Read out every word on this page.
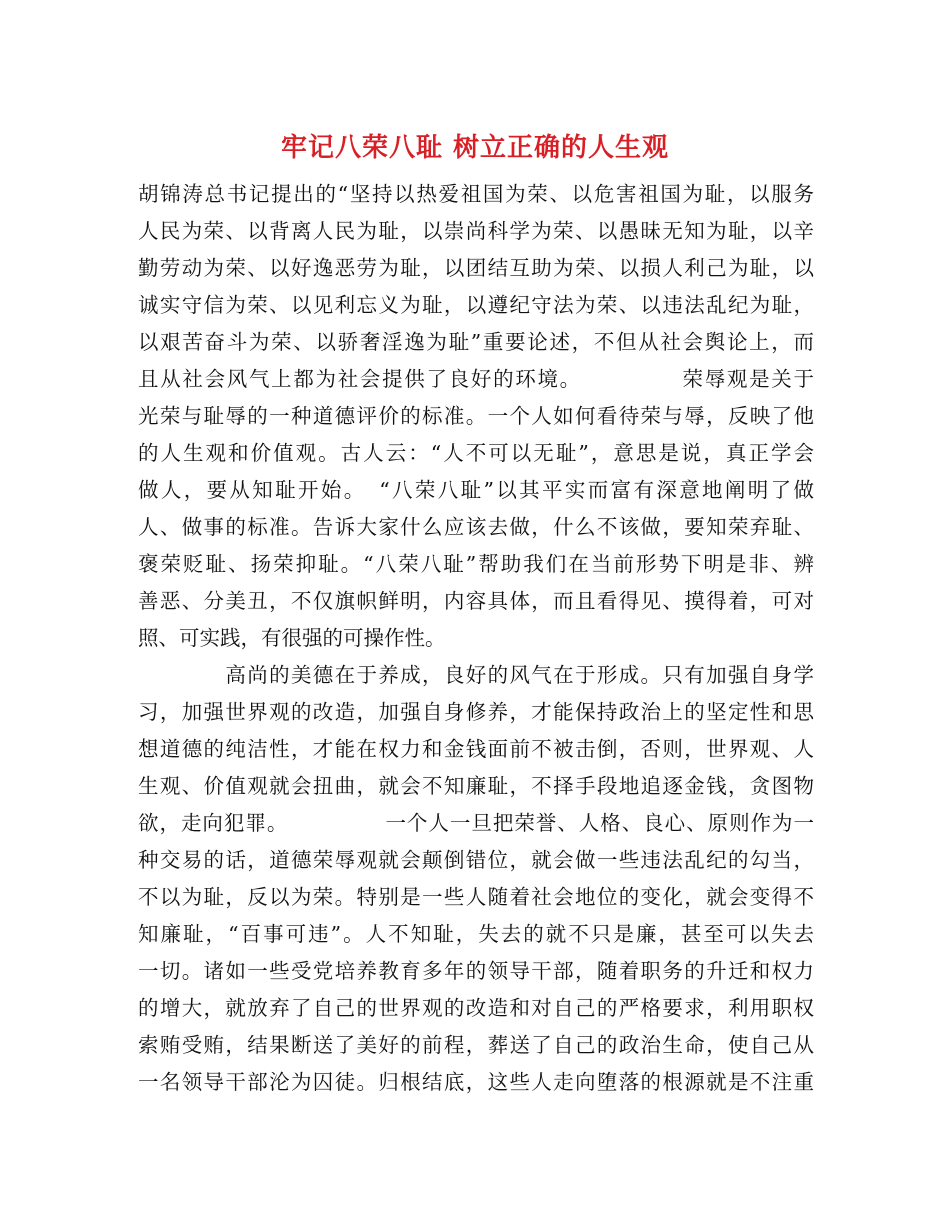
牢记八荣八耻 树立正确的人生观
胡锦涛总书记提出的“坚持以热爱祖国为荣、以危害祖国为耻，以服务
人民为荣、以背离人民为耻，以崇尚科学为荣、以愚昧无知为耻，以辛
勤劳动为荣、以好逸恶劳为耻，以团结互助为荣、以损人利己为耻，以
诚实守信为荣、以见利忘义为耻，以遵纪守法为荣、以违法乱纪为耻，
以艰苦奋斗为荣、以骄奢淫逸为耻”重要论述，不但从社会舆论上，而
且从社会风气上都为社会提供了良好的环境。　　　　　荣辱观是关于
光荣与耻辱的一种道德评价的标准。一个人如何看待荣与辱，反映了他
的人生观和价值观。古人云：“人不可以无耻”，意思是说，真正学会
做人，要从知耻开始。　“八荣八耻”以其平实而富有深意地阐明了做
人、做事的标准。告诉大家什么应该去做，什么不该做，要知荣弃耻、
褒荣贬耻、扬荣抑耻。“八荣八耻”帮助我们在当前形势下明是非、辨
善恶、分美丑，不仅旗帜鲜明，内容具体，而且看得见、摸得着，可对
照、可实践，有很强的可操作性。
　　　　高尚的美德在于养成，良好的风气在于形成。只有加强自身学
习，加强世界观的改造，加强自身修养，才能保持政治上的坚定性和思
想道德的纯洁性，才能在权力和金钱面前不被击倒，否则，世界观、人
生观、价值观就会扭曲，就会不知廉耻，不择手段地追逐金钱，贪图物
欲，走向犯罪。　　　　　一个人一旦把荣誉、人格、良心、原则作为一
种交易的话，道德荣辱观就会颠倒错位，就会做一些违法乱纪的勾当，
不以为耻，反以为荣。特别是一些人随着社会地位的变化，就会变得不
知廉耻，“百事可违”。人不知耻，失去的就不只是廉，甚至可以失去
一切。诸如一些受党培养教育多年的领导干部，随着职务的升迁和权力
的增大，就放弃了自己的世界观的改造和对自己的严格要求，利用职权
索贿受贿，结果断送了美好的前程，葬送了自己的政治生命，使自己从
一名领导干部沦为囚徒。归根结底，这些人走向堕落的根源就是不注重
